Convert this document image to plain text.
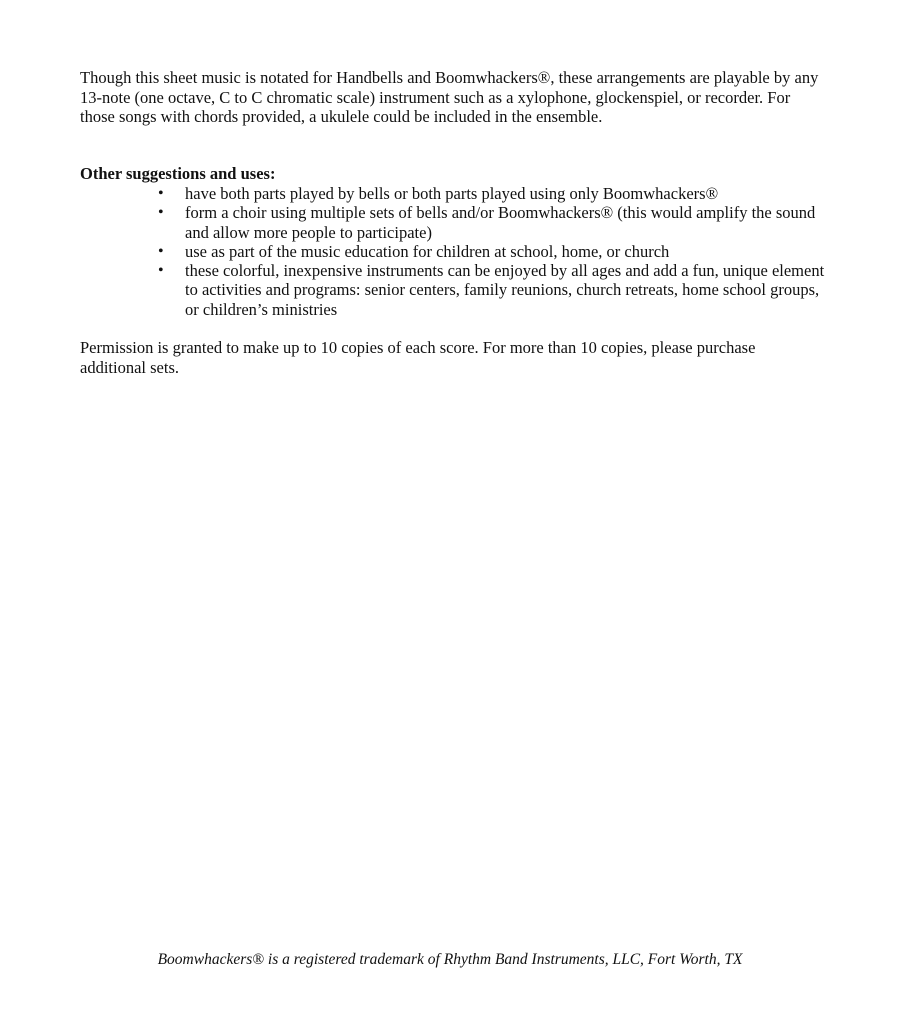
Though this sheet music is notated for Handbells and Boomwhackers®, these arrangements are playable by any 13-note (one octave, C to C chromatic scale) instrument such as a xylophone, glockenspiel, or recorder. For those songs with chords provided, a ukulele could be included in the ensemble.

Other suggestions and uses:

• have both parts played by bells or both parts played using only Boomwhackers®
• form a choir using multiple sets of bells and/or Boomwhackers® (this would amplify the sound and allow more people to participate)
• use as part of the music education for children at school, home, or church
• these colorful, inexpensive instruments can be enjoyed by all ages and add a fun, unique element to activities and programs: senior centers, family reunions, church retreats, home school groups, or children’s ministries

Permission is granted to make up to 10 copies of each score. For more than 10 copies, please purchase additional sets.

Boomwhackers® is a registered trademark of Rhythm Band Instruments, LLC, Fort Worth, TX
